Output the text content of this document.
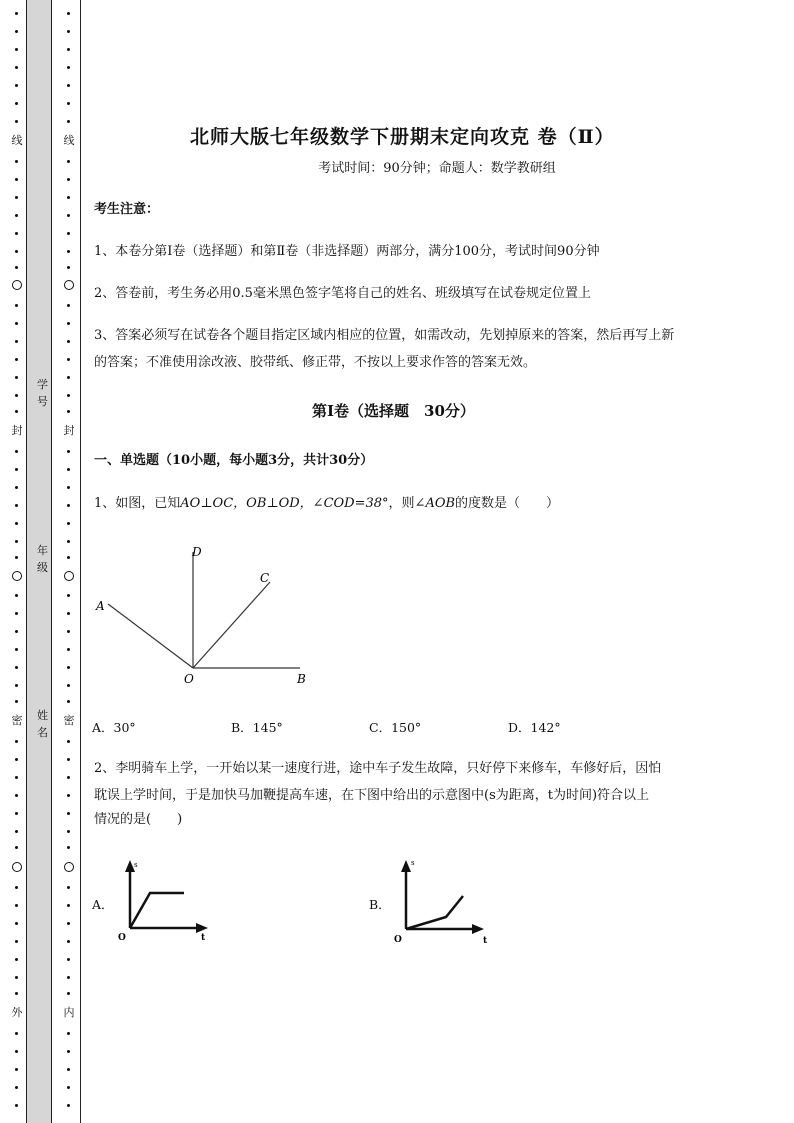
线
封
密
外
学号
年级
姓名
线
封
密
内
北师大版七年级数学下册期末定向攻克 卷（Ⅱ）
考试时间：90分钟；命题人：数学教研组
考生注意：
1、本卷分第Ⅰ卷（选择题）和第Ⅱ卷（非选择题）两部分，满分100分，考试时间90分钟
2、答卷前，考生务必用0.5毫米黑色签字笔将自己的姓名、班级填写在试卷规定位置上
3、答案必须写在试卷各个题目指定区域内相应的位置，如需改动，先划掉原来的答案，然后再写上新
的答案；不准使用涂改液、胶带纸、修正带，不按以上要求作答的答案无效。
第Ⅰ卷（选择题　30分）
一、单选题（10小题，每小题3分，共计30分）
1、如图，已知AO⊥OC，OB⊥OD，∠COD=38°，则∠AOB的度数是（　　）
D
C
A
O	B
A．30°	B．145°	C．150°	D．142°
2、李明骑车上学，一开始以某一速度行进，途中车子发生故障，只好停下来修车，车修好后，因怕
耽误上学时间，于是加快马加鞭提高车速，在下图中给出的示意图中(s为距离，t为时间)符合以上
情况的是(　　)
A．
s
O	t
B．
s
O	t
